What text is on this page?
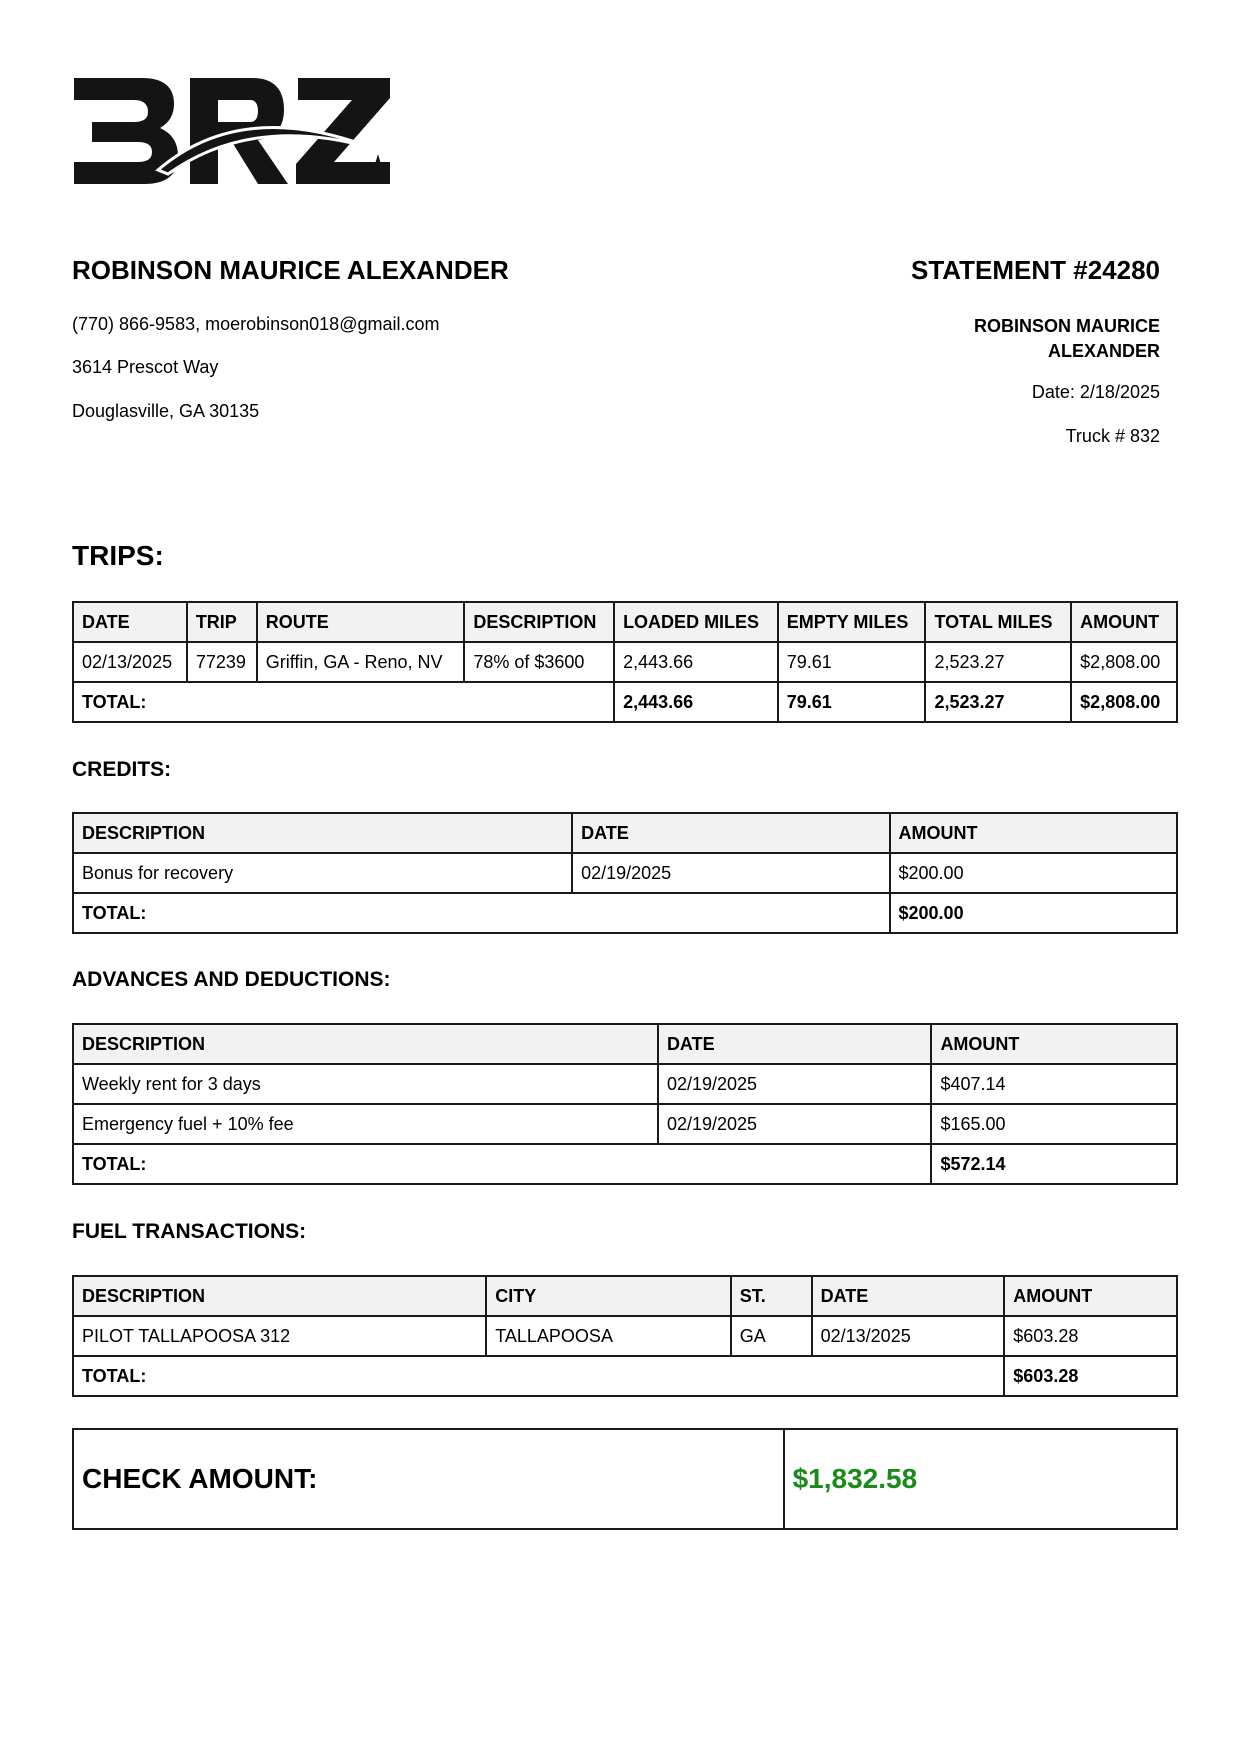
ROBINSON MAURICE ALEXANDER
(770) 866-9583, moerobinson018@gmail.com
3614 Prescot Way
Douglasville, GA 30135
STATEMENT #24280
ROBINSON MAURICE ALEXANDER
Date: 2/18/2025
Truck # 832
TRIPS:
DATE	TRIP	ROUTE	DESCRIPTION	LOADED MILES	EMPTY MILES	TOTAL MILES	AMOUNT
02/13/2025	77239	Griffin, GA - Reno, NV	78% of $3600	2,443.66	79.61	2,523.27	$2,808.00
TOTAL:				2,443.66	79.61	2,523.27	$2,808.00
CREDITS:
DESCRIPTION	DATE	AMOUNT
Bonus for recovery	02/19/2025	$200.00
TOTAL:		$200.00
ADVANCES AND DEDUCTIONS:
DESCRIPTION	DATE	AMOUNT
Weekly rent for 3 days	02/19/2025	$407.14
Emergency fuel + 10% fee	02/19/2025	$165.00
TOTAL:		$572.14
FUEL TRANSACTIONS:
DESCRIPTION	CITY	ST.	DATE	AMOUNT
PILOT TALLAPOOSA 312	TALLAPOOSA	GA	02/13/2025	$603.28
TOTAL:				$603.28
CHECK AMOUNT:	$1,832.58
